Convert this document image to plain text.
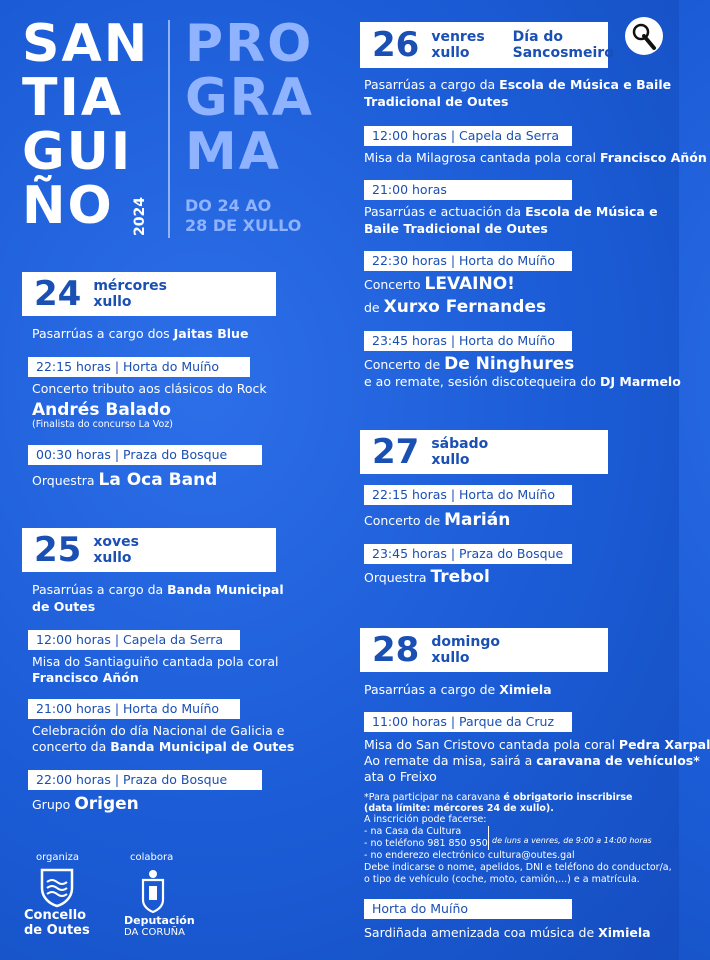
SAN
TIA
GUI
ÑO 2024
PRO
GRA
MA
DO 24 AO
28 DE XULLO
24 mércores
xullo
Pasarrúas a cargo dos Jaitas Blue
22:15 horas | Horta do Muíño
Concerto tributo aos clásicos do Rock
Andrés Balado
(Finalista do concurso La Voz)
00:30 horas | Praza do Bosque
Orquestra La Oca Band
25 xoves
xullo
Pasarrúas a cargo da Banda Municipal
de Outes
12:00 horas | Capela da Serra
Misa do Santiaguiño cantada pola coral
Francisco Añón
21:00 horas | Horta do Muíño
Celebración do día Nacional de Galicia e
concerto da Banda Municipal de Outes
22:00 horas | Praza do Bosque
Grupo Origen
26 venres
xullo
Día do
Sancosmeiro
Pasarrúas a cargo da Escola de Música e Baile
Tradicional de Outes
12:00 horas | Capela da Serra
Misa da Milagrosa cantada pola coral Francisco Añón
21:00 horas
Pasarrúas e actuación da Escola de Música e
Baile Tradicional de Outes
22:30 horas | Horta do Muíño
Concerto LEVAINO!
de Xurxo Fernandes
23:45 horas | Horta do Muíño
Concerto de De Ninghures
e ao remate, sesión discotequeira do DJ Marmelo
27 sábado
xullo
22:15 horas | Horta do Muíño
Concerto de Marián
23:45 horas | Praza do Bosque
Orquestra Trebol
28 domingo
xullo
Pasarrúas a cargo de Ximiela
11:00 horas | Parque da Cruz
Misa do San Cristovo cantada pola coral Pedra Xarpal
Ao remate da misa, sairá a caravana de vehículos*
ata o Freixo
*Para participar na caravana é obrigatorio inscribirse
(data límite: mércores 24 de xullo).
A inscrición pode facerse:
- na Casa da Cultura
- no teléfono 981 850 950 de luns a venres, de 9:00 a 14:00 horas
- no enderezo electrónico cultura@outes.gal
Debe indicarse o nome, apelidos, DNI e teléfono do conductor/a,
o tipo de vehículo (coche, moto, camión,...) e a matrícula.
Horta do Muíño
Sardiñada amenizada coa música de Ximiela
organiza
Concello
de Outes
colabora
Deputación
DA CORUÑA
